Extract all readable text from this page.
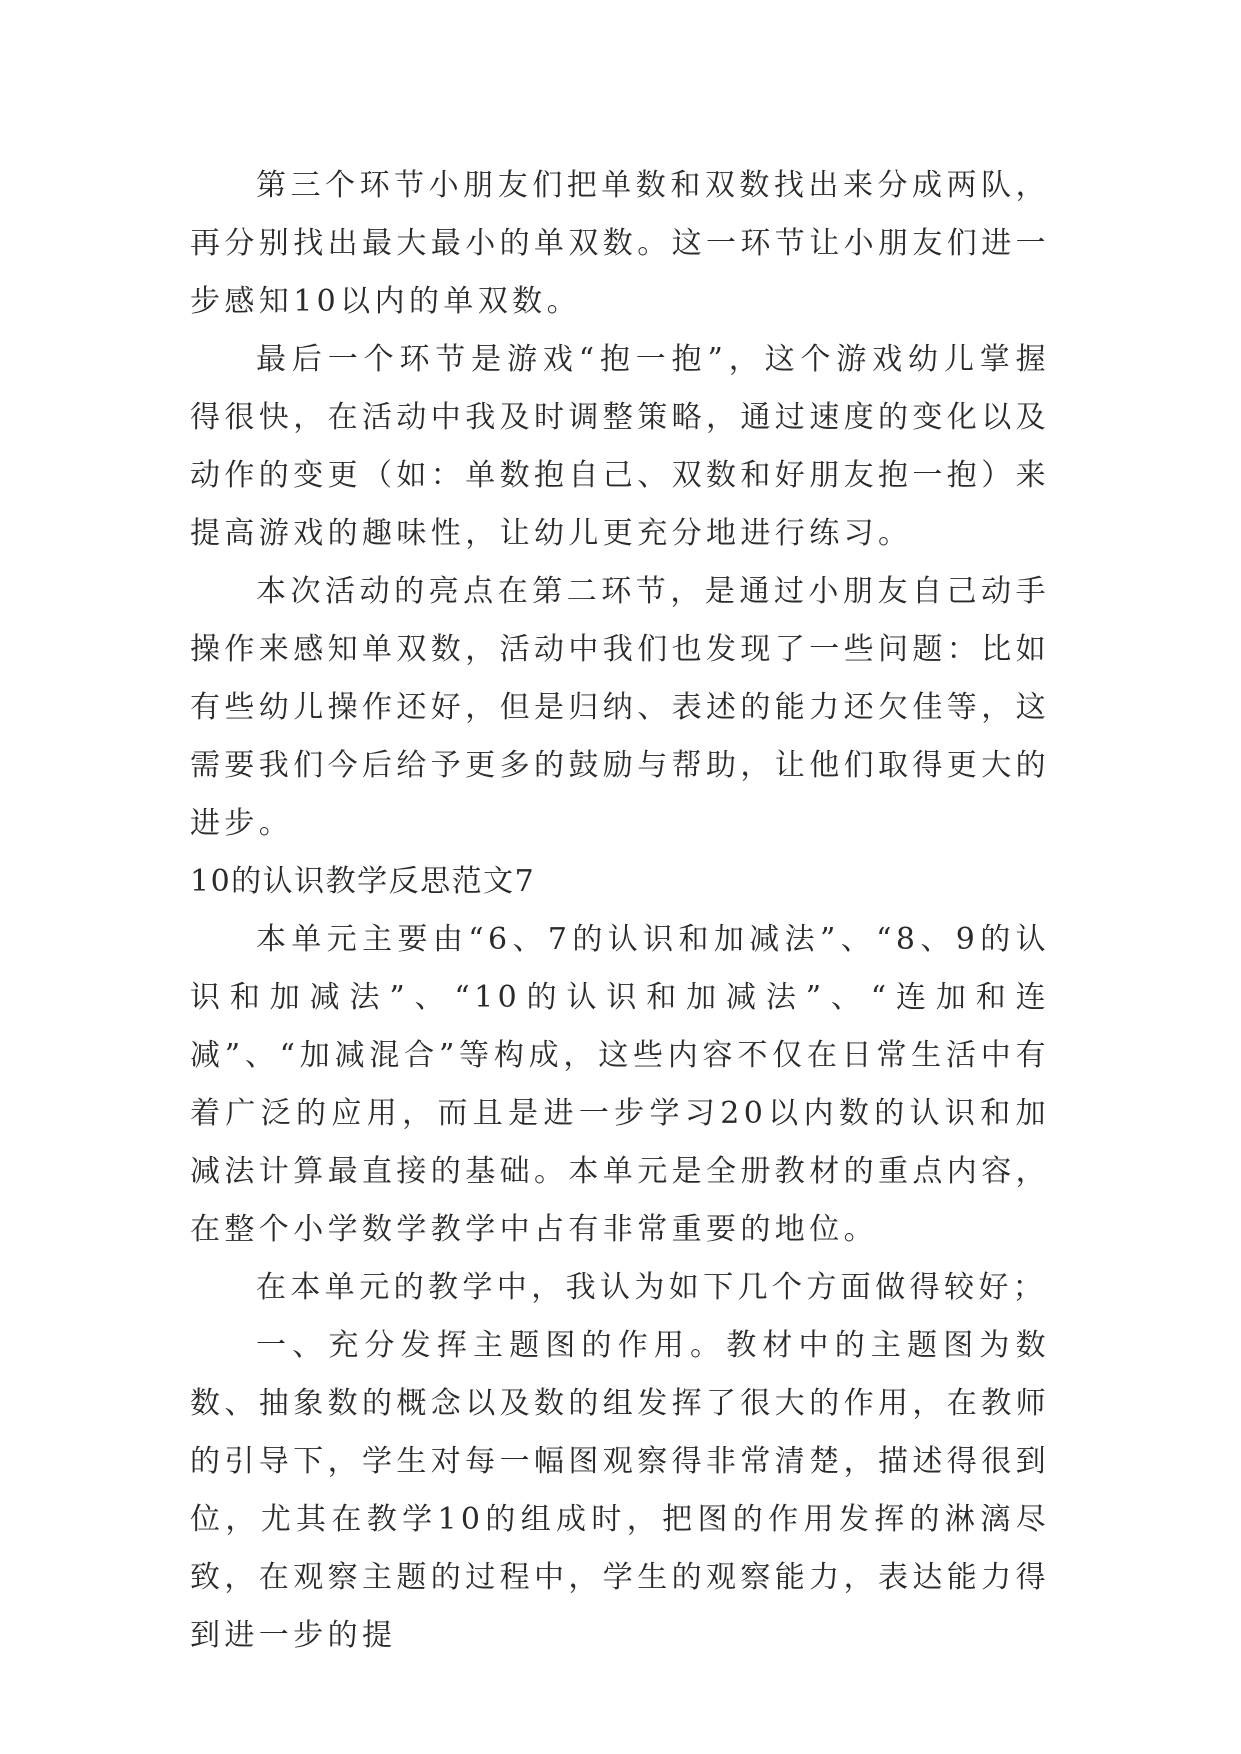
第三个环节小朋友们把单数和双数找出来分成两队，再分别找出最大最小的单双数。这一环节让小朋友们进一步感知10以内的单双数。

最后一个环节是游戏“抱一抱”，这个游戏幼儿掌握得很快，在活动中我及时调整策略，通过速度的变化以及动作的变更（如：单数抱自己、双数和好朋友抱一抱）来提高游戏的趣味性，让幼儿更充分地进行练习。

本次活动的亮点在第二环节，是通过小朋友自己动手操作来感知单双数，活动中我们也发现了一些问题：比如有些幼儿操作还好，但是归纳、表述的能力还欠佳等，这需要我们今后给予更多的鼓励与帮助，让他们取得更大的进步。

10的认识教学反思范文7

本单元主要由“6、7的认识和加减法”、“8、9的认识和加减法”、“10的认识和加减法”、“连加和连减”、“加减混合”等构成，这些内容不仅在日常生活中有着广泛的应用，而且是进一步学习20以内数的认识和加减法计算最直接的基础。本单元是全册教材的重点内容，在整个小学数学教学中占有非常重要的地位。

在本单元的教学中，我认为如下几个方面做得较好；

一、充分发挥主题图的作用。教材中的主题图为数数、抽象数的概念以及数的组发挥了很大的作用，在教师的引导下，学生对每一幅图观察得非常清楚，描述得很到位，尤其在教学10的组成时，把图的作用发挥的淋漓尽致，在观察主题的过程中，学生的观察能力，表达能力得到进一步的提
